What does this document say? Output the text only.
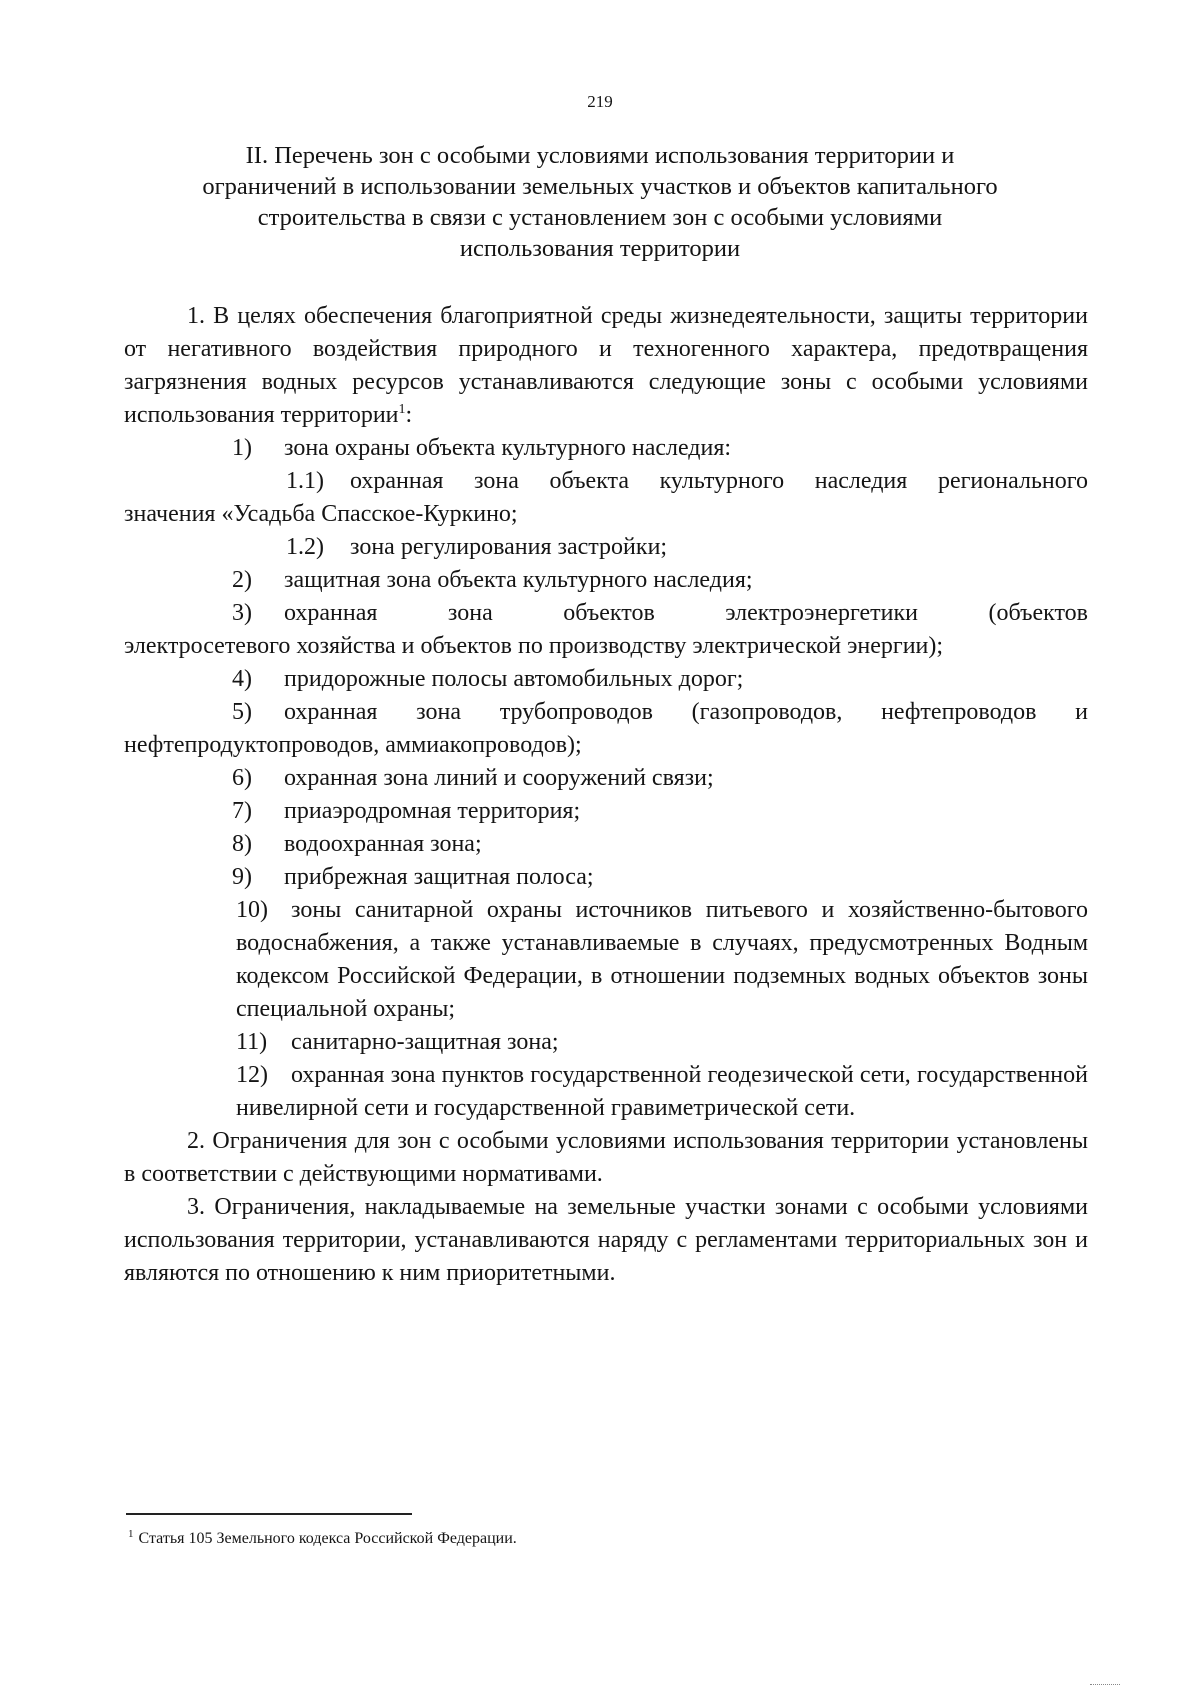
219
II. Перечень зон с особыми условиями использования территории и
ограничений в использовании земельных участков и объектов капитального
строительства в связи с установлением зон с особыми условиями
использования территории

1. В целях обеспечения благоприятной среды жизнедеятельности, защиты территории от негативного воздействия природного и техногенного характера, предотвращения загрязнения водных ресурсов устанавливаются следующие зоны с особыми условиями использования территории$^1$:

1) зона охраны объекта культурного наследия:

1.1) охранная зона объекта культурного наследия регионального

значения «Усадьба Спасское-Куркино;

1.2) зона регулирования застройки;

2) защитная зона объекта культурного наследия;

3) охранная зона объектов электроэнергетики (объектов

электросетевого хозяйства и объектов по производству электрической энергии);

4) придорожные полосы автомобильных дорог;

5) охранная зона трубопроводов (газопроводов, нефтепроводов и

нефтепродуктопроводов, аммиакопроводов);

6) охранная зона линий и сооружений связи;

7) приаэродромная территория;

8) водоохранная зона;

9) прибрежная защитная полоса;

10) зоны санитарной охраны источников питьевого и хозяйственно-бытового водоснабжения, а также устанавливаемые в случаях, предусмотренных Водным кодексом Российской Федерации, в отношении подземных водных объектов зоны специальной охраны;

11) санитарно-защитная зона;

12) охранная зона пунктов государственной геодезической сети, государственной нивелирной сети и государственной гравиметрической сети.

2. Ограничения для зон с особыми условиями использования территории установлены в соответствии с действующими нормативами.

3. Ограничения, накладываемые на земельные участки зонами с особыми условиями использования территории, устанавливаются наряду с регламентами территориальных зон и являются по отношению к ним приоритетными.

$^1$ Статья 105 Земельного кодекса Российской Федерации.
